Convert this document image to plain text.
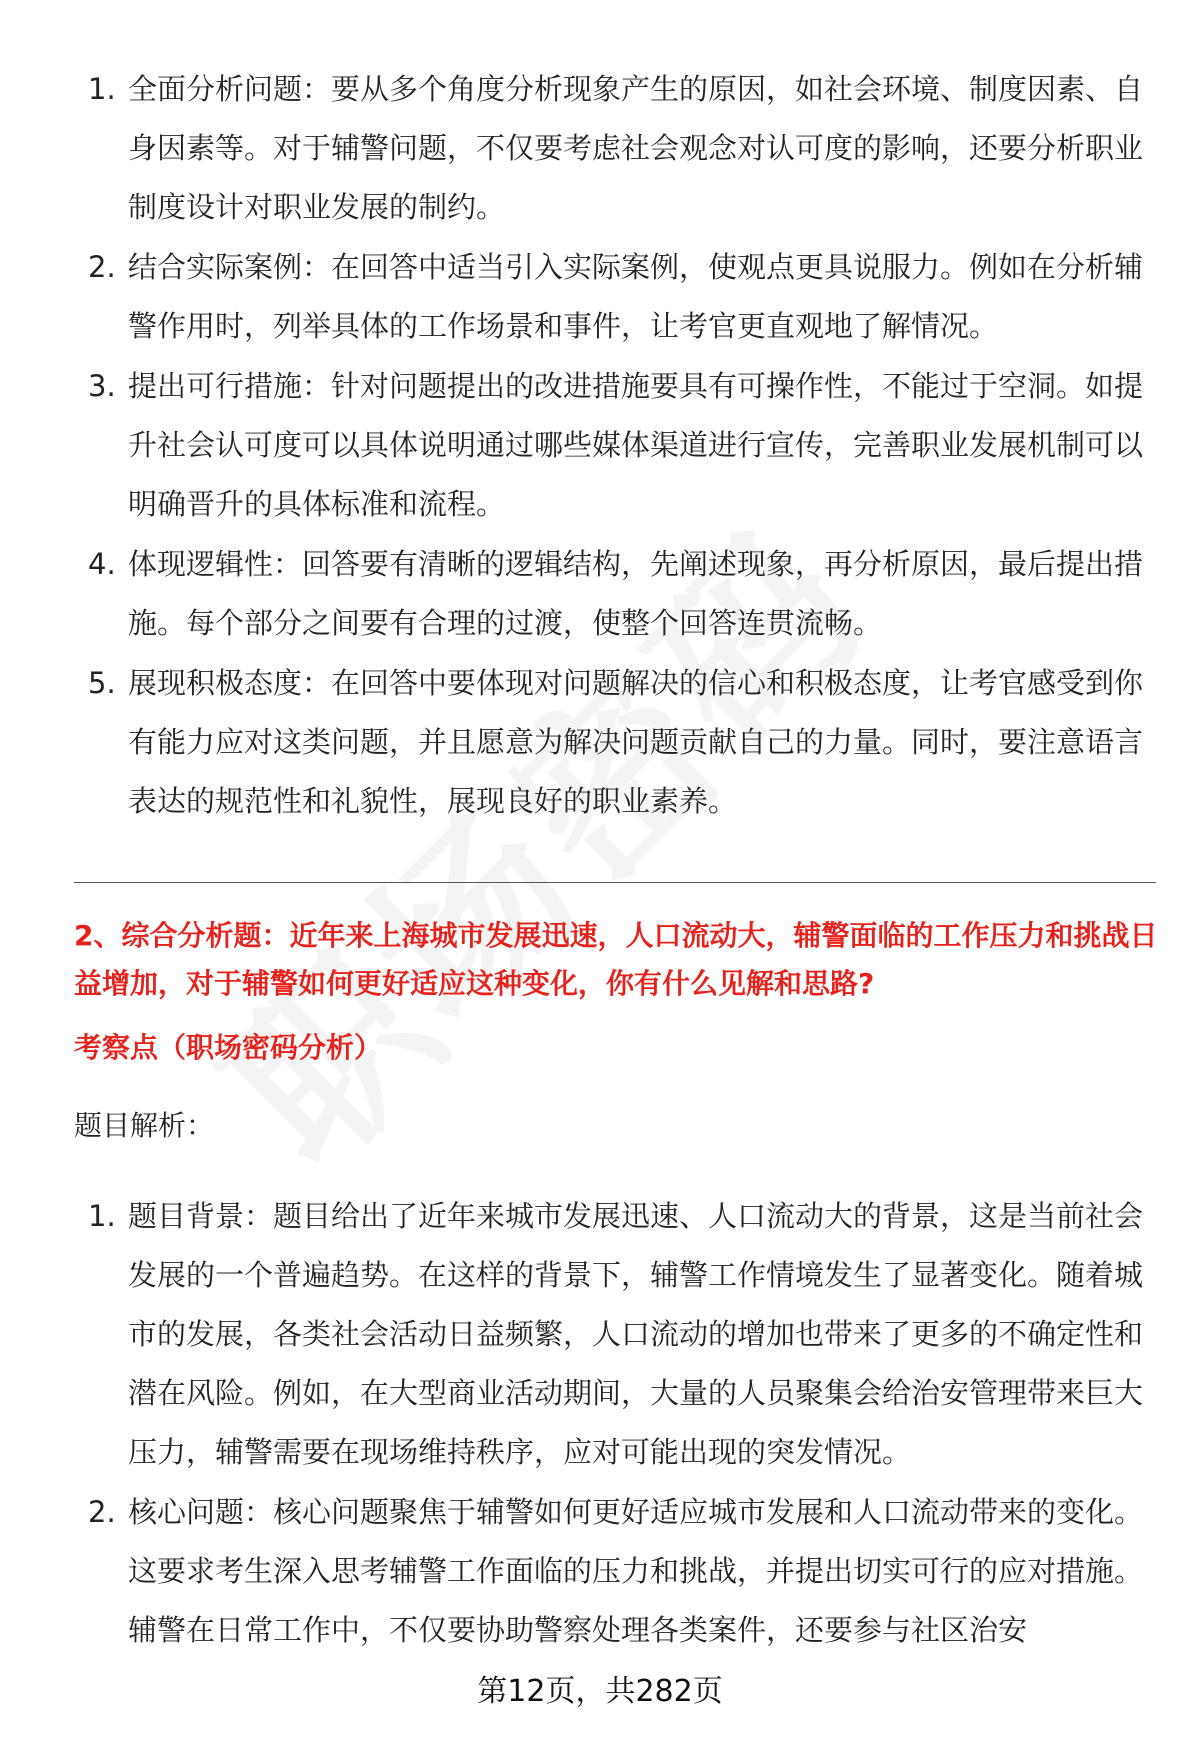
1. 全面分析问题：要从多个角度分析现象产生的原因，如社会环境、制度因素、自身因素等。对于辅警问题，不仅要考虑社会观念对认可度的影响，还要分析职业制度设计对职业发展的制约。
2. 结合实际案例：在回答中适当引入实际案例，使观点更具说服力。例如在分析辅警作用时，列举具体的工作场景和事件，让考官更直观地了解情况。
3. 提出可行措施：针对问题提出的改进措施要具有可操作性，不能过于空洞。如提升社会认可度可以具体说明通过哪些媒体渠道进行宣传，完善职业发展机制可以明确晋升的具体标准和流程。
4. 体现逻辑性：回答要有清晰的逻辑结构，先阐述现象，再分析原因，最后提出措施。每个部分之间要有合理的过渡，使整个回答连贯流畅。
5. 展现积极态度：在回答中要体现对问题解决的信心和积极态度，让考官感受到你有能力应对这类问题，并且愿意为解决问题贡献自己的力量。同时，要注意语言表达的规范性和礼貌性，展现良好的职业素养。
2、综合分析题：近年来上海城市发展迅速，人口流动大，辅警面临的工作压力和挑战日益增加，对于辅警如何更好适应这种变化，你有什么见解和思路?
考察点（职场密码分析）
题目解析：
1. 题目背景：题目给出了近年来城市发展迅速、人口流动大的背景，这是当前社会发展的一个普遍趋势。在这样的背景下，辅警工作情境发生了显著变化。随着城市的发展，各类社会活动日益频繁，人口流动的增加也带来了更多的不确定性和潜在风险。例如，在大型商业活动期间，大量的人员聚集会给治安管理带来巨大压力，辅警需要在现场维持秩序，应对可能出现的突发情况。
2. 核心问题：核心问题聚焦于辅警如何更好适应城市发展和人口流动带来的变化。这要求考生深入思考辅警工作面临的压力和挑战，并提出切实可行的应对措施。辅警在日常工作中，不仅要协助警察处理各类案件，还要参与社区治安
第12页，共282页
